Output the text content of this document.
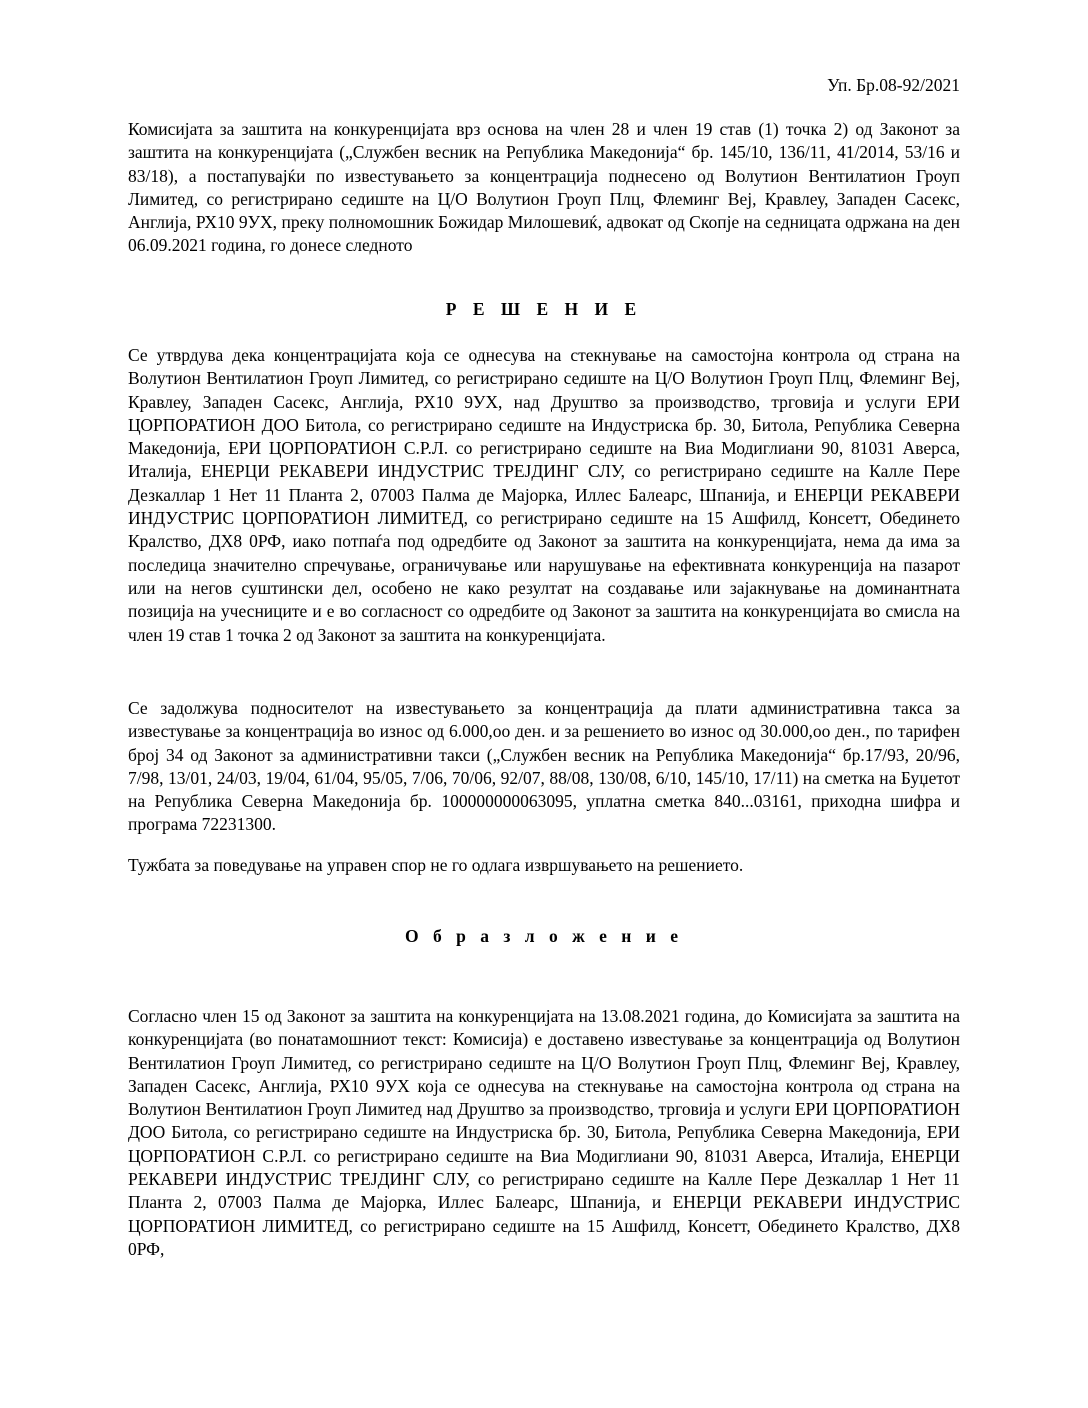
Уп. Бр.08-92/2021
Комисијата за заштита на конкуренцијата врз основа на член 28 и член 19 став (1) точка 2) од Законот за заштита на конкуренцијата („Службен весник на Република Македонија“ бр. 145/10, 136/11, 41/2014, 53/16 и 83/18), а постапувајќи по известувањето за концентрација поднесено од Волутион Вентилатион Гроуп Лимитед, со регистрирано седиште на Ц/О Волутион Гроуп Плц, Флеминг Веј, Кравлеу, Западен Сасекс, Англија, РХ10 9УХ, преку полномошник Божидар Милошевиќ, адвокат од Скопје на седницата одржана на ден 06.09.2021 година, го донесе следното
Р Е Ш Е Н И Е
Се утврдува дека концентрацијата која се однесува на стекнување на самостојна контрола од страна на Волутион Вентилатион Гроуп Лимитед, со регистрирано седиште на Ц/О Волутион Гроуп Плц, Флеминг Веј, Кравлеу, Западен Сасекс, Англија, РХ10 9УХ, над Друштво за производство, трговија и услуги ЕРИ ЦОРПОРАТИОН ДОО Битола, со регистрирано седиште на Индустриска бр. 30, Битола, Република Северна Македонија, ЕРИ ЦОРПОРАТИОН С.Р.Л. со регистрирано седиште на Виа Модиглиани 90, 81031 Аверса, Италија, ЕНЕРЦИ РЕКАВЕРИ ИНДУСТРИС ТРЕЈДИНГ СЛУ, со регистрирано седиште на Калле Пере Дезкаллар 1 Нет 11 Планта 2, 07003 Палма де Мајорка, Иллес Балеарс, Шпанија, и ЕНЕРЦИ РЕКАВЕРИ ИНДУСТРИС ЦОРПОРАТИОН ЛИМИТЕД, со регистрирано седиште на 15 Ашфилд, Консетт, Обединето Кралство, ДХ8 0РФ, иако потпаѓа под одредбите од Законот за заштита на конкуренцијата, нема да има за последица значително спречување, ограничување или нарушување на ефективната конкуренција на пазарот или на негов суштински дел, особено не како резултат на создавање или зајакнување на доминантната позиција на учесниците и е во согласност со одредбите од Законот за заштита на конкуренцијата во смисла на член 19 став 1 точка 2 од Законот за заштита на конкуренцијата.
Се задолжува подносителот на известувањето за концентрација да плати административна такса за известување за концентрација во износ од 6.000,оо ден. и за решението во износ од 30.000,оо ден., по тарифен број 34 од Законот за административни такси („Службен весник на Република Македонија“ бр.17/93, 20/96, 7/98, 13/01, 24/03, 19/04, 61/04, 95/05, 7/06, 70/06, 92/07, 88/08, 130/08, 6/10, 145/10, 17/11) на сметка на Буџетот на Република Северна Македонија бр. 100000000063095, уплатна сметка 840...03161, приходна шифра и програма 72231300.
Тужбата за поведување на управен спор не го одлага извршувањето на решението.
О б р а з л о ж е н и е
Согласно член 15 од Законот за заштита на конкуренцијата на 13.08.2021 година, до Комисијата за заштита на конкуренцијата (во понатамошниот текст: Комисија) е доставено известување за концентрација од Волутион Вентилатион Гроуп Лимитед, со регистрирано седиште на Ц/О Волутион Гроуп Плц, Флеминг Веј, Кравлеу, Западен Сасекс, Англија, РХ10 9УХ која се однесува на стекнување на самостојна контрола од страна на Волутион Вентилатион Гроуп Лимитед над Друштво за производство, трговија и услуги ЕРИ ЦОРПОРАТИОН ДОО Битола, со регистрирано седиште на Индустриска бр. 30, Битола, Република Северна Македонија, ЕРИ ЦОРПОРАТИОН С.Р.Л. со регистрирано седиште на Виа Модиглиани 90, 81031 Аверса, Италија, ЕНЕРЦИ РЕКАВЕРИ ИНДУСТРИС ТРЕЈДИНГ СЛУ, со регистрирано седиште на Калле Пере Дезкаллар 1 Нет 11 Планта 2, 07003 Палма де Мајорка, Иллес Балеарс, Шпанија, и ЕНЕРЦИ РЕКАВЕРИ ИНДУСТРИС ЦОРПОРАТИОН ЛИМИТЕД, со регистрирано седиште на 15 Ашфилд, Консетт, Обединето Кралство, ДХ8 0РФ,
